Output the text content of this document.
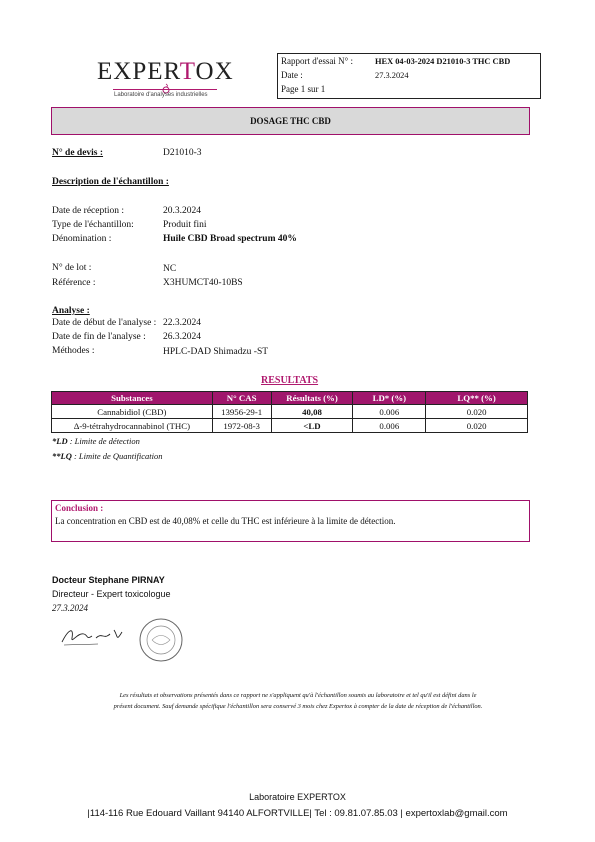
EXPERTOX
Laboratoire d'analyses industrielles
Rapport d'essai N° :	HEX 04-03-2024 D21010-3 THC CBD
Date :	27.3.2024
Page 1 sur 1
DOSAGE THC CBD
N° de devis :	D21010-3
Description de l'échantillon :
Date de réception :	20.3.2024
Type de l'échantillon:	Produit fini
Dénomination :	Huile CBD Broad spectrum 40%
N° de lot :	NC
Référence :	X3HUMCT40-10BS
Analyse :
Date de début de l'analyse : 22.3.2024
Date de fin de l'analyse : 26.3.2024
Méthodes :	HPLC-DAD Shimadzu -ST
RESULTATS
Substances	N° CAS	Résultats (%)	LD* (%)	LQ** (%)
Cannabidiol (CBD)	13956-29-1	40,08	0.006	0.020
Δ-9-tétrahydrocannabinol (THC)	1972-08-3	<LD	0.006	0.020
*LD : Limite de détection
**LQ : Limite de Quantification
Conclusion :
La concentration en CBD est de 40,08% et celle du THC est inférieure à la limite de détection.
Docteur Stephane PIRNAY
Directeur - Expert toxicologue
27.3.2024
Les résultats et observations présentés dans ce rapport ne s'appliquent qu'à l'échantillon soumis au laboratoire et tel qu'il est défini dans le
présent document. Sauf demande spécifique l'échantillon sera conservé 3 mois chez Expertox à compter de la date de réception de l'échantillon.
Laboratoire EXPERTOX
|114-116 Rue Edouard Vaillant 94140 ALFORTVILLE| Tel : 09.81.07.85.03 | expertoxlab@gmail.com
